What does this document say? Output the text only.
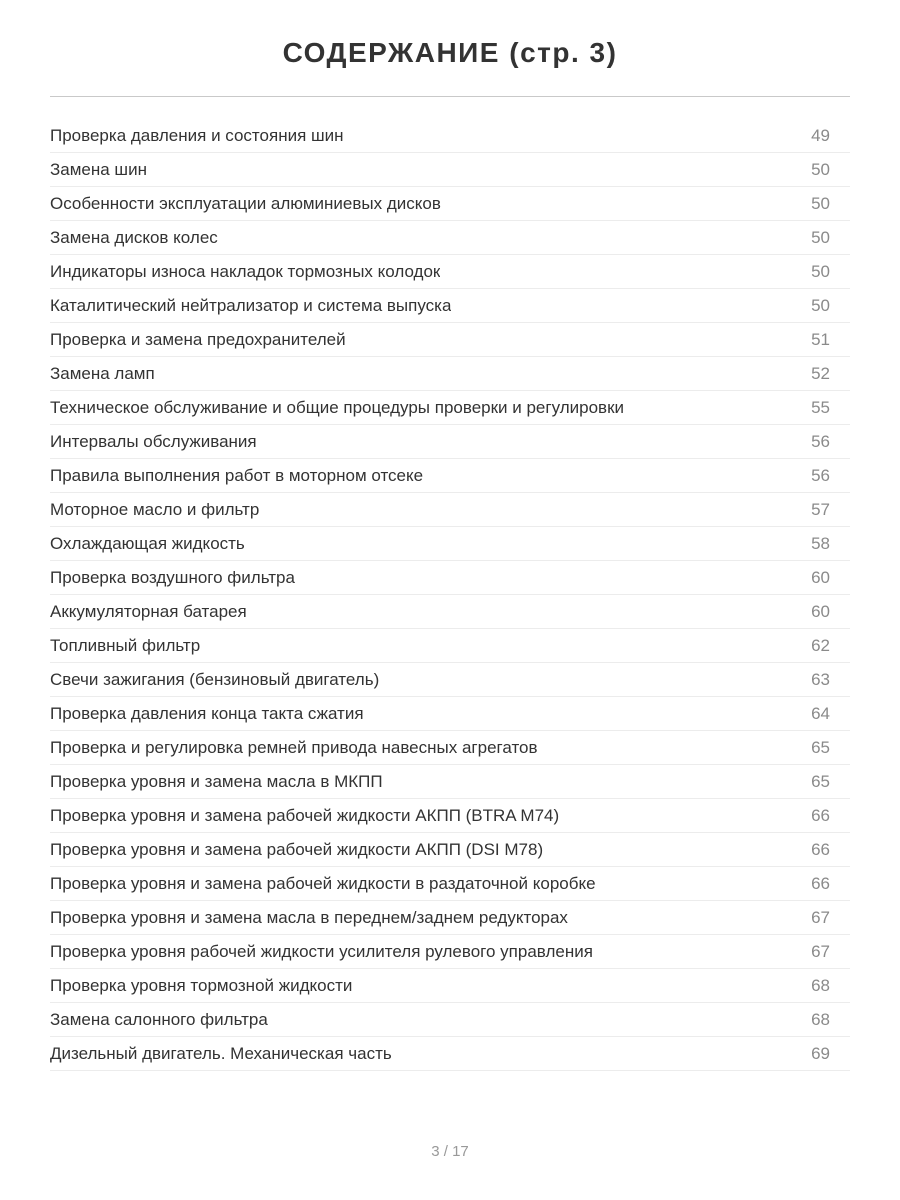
СОДЕРЖАНИЕ (стр. 3)
Проверка давления и состояния шин	49
Замена шин	50
Особенности эксплуатации алюминиевых дисков	50
Замена дисков колес	50
Индикаторы износа накладок тормозных колодок	50
Каталитический нейтрализатор и система выпуска	50
Проверка и замена предохранителей	51
Замена ламп	52
Техническое обслуживание и общие процедуры проверки и регулировки	55
Интервалы обслуживания	56
Правила выполнения работ в моторном отсеке	56
Моторное масло и фильтр	57
Охлаждающая жидкость	58
Проверка воздушного фильтра	60
Аккумуляторная батарея	60
Топливный фильтр	62
Свечи зажигания (бензиновый двигатель)	63
Проверка давления конца такта сжатия	64
Проверка и регулировка ремней привода навесных агрегатов	65
Проверка уровня и замена масла в МКПП	65
Проверка уровня и замена рабочей жидкости АКПП (BTRA M74)	66
Проверка уровня и замена рабочей жидкости АКПП (DSI M78)	66
Проверка уровня и замена рабочей жидкости в раздаточной коробке	66
Проверка уровня и замена масла в переднем/заднем редукторах	67
Проверка уровня рабочей жидкости усилителя рулевого управления	67
Проверка уровня тормозной жидкости	68
Замена салонного фильтра	68
Дизельный двигатель. Механическая часть	69
3 / 17
